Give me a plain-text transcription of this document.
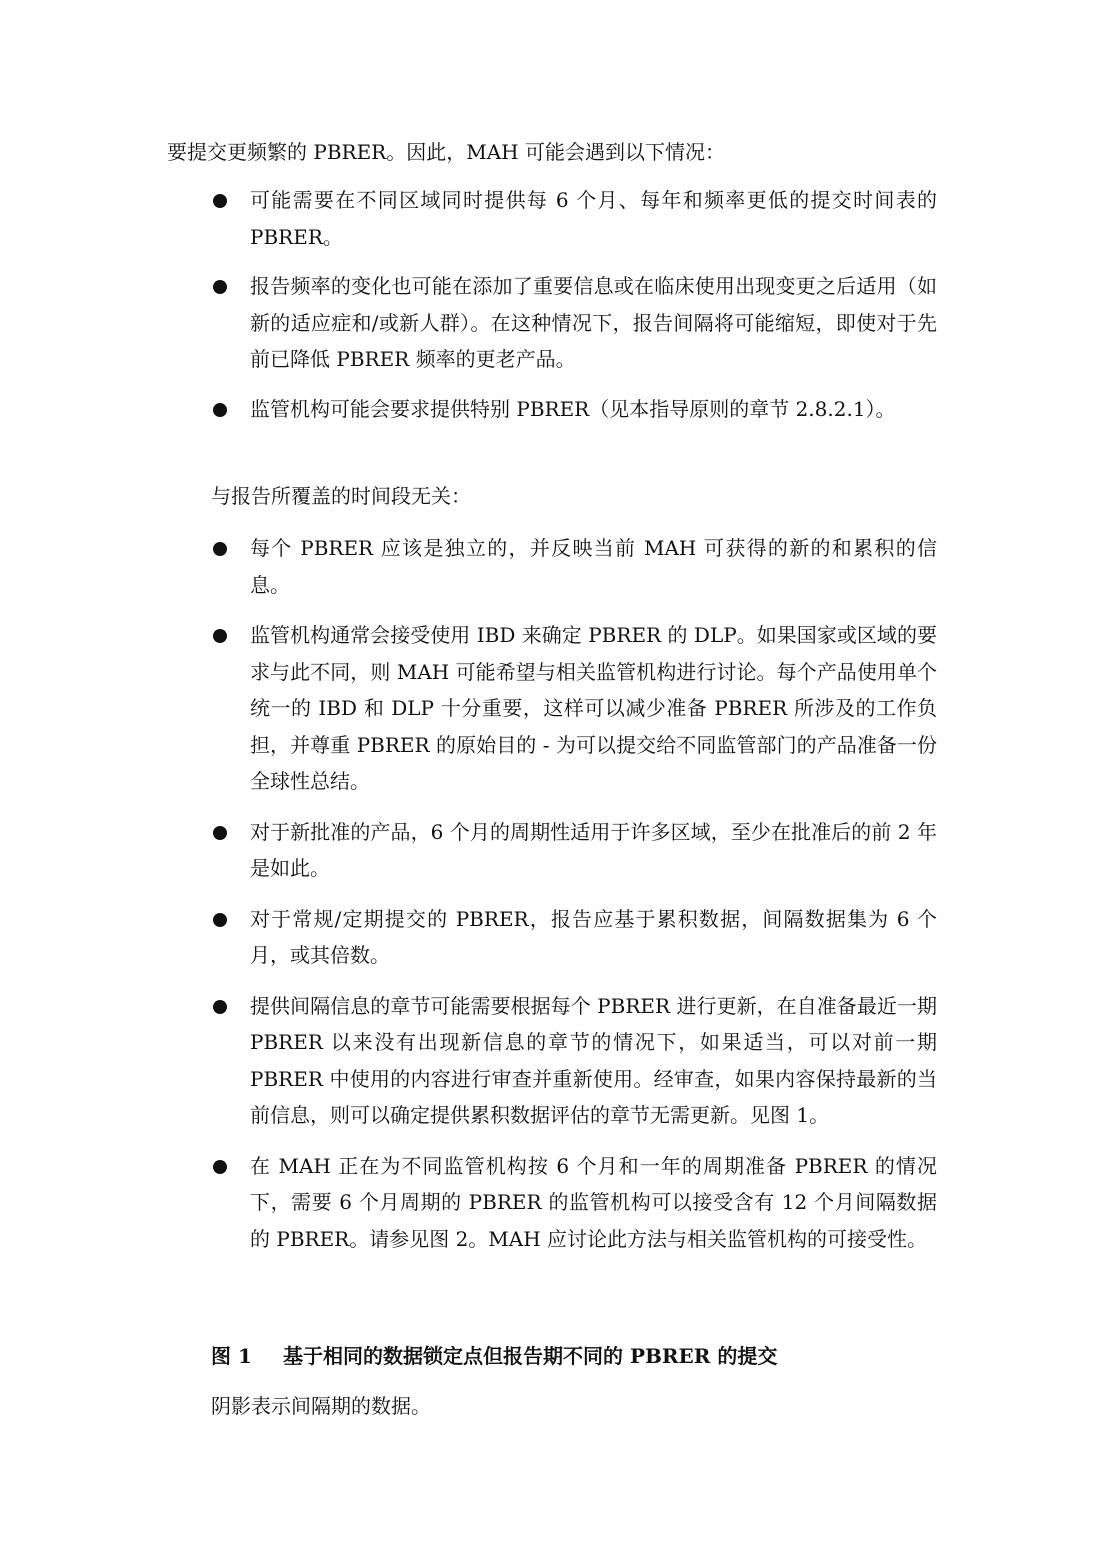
要提交更频繁的 PBRER。因此，MAH 可能会遇到以下情况：

可能需要在不同区域同时提供每 6 个月、每年和频率更低的提交时间表的 PBRER。
报告频率的变化也可能在添加了重要信息或在临床使用出现变更之后适用（如新的适应症和/或新人群）。在这种情况下，报告间隔将可能缩短，即使对于先前已降低 PBRER 频率的更老产品。
监管机构可能会要求提供特别 PBRER（见本指导原则的章节 2.8.2.1）。

与报告所覆盖的时间段无关：

每个 PBRER 应该是独立的，并反映当前 MAH 可获得的新的和累积的信息。
监管机构通常会接受使用 IBD 来确定 PBRER 的 DLP。如果国家或区域的要求与此不同，则 MAH 可能希望与相关监管机构进行讨论。每个产品使用单个统一的 IBD 和 DLP 十分重要，这样可以减少准备 PBRER 所涉及的工作负担，并尊重 PBRER 的原始目的 - 为可以提交给不同监管部门的产品准备一份全球性总结。
对于新批准的产品，6 个月的周期性适用于许多区域，至少在批准后的前 2 年是如此。
对于常规/定期提交的 PBRER，报告应基于累积数据，间隔数据集为 6 个月，或其倍数。
提供间隔信息的章节可能需要根据每个 PBRER 进行更新，在自准备最近一期 PBRER 以来没有出现新信息的章节的情况下，如果适当，可以对前一期 PBRER 中使用的内容进行审查并重新使用。经审查，如果内容保持最新的当前信息，则可以确定提供累积数据评估的章节无需更新。见图 1。
在 MAH 正在为不同监管机构按 6 个月和一年的周期准备 PBRER 的情况下，需要 6 个月周期的 PBRER 的监管机构可以接受含有 12 个月间隔数据的 PBRER。请参见图 2。MAH 应讨论此方法与相关监管机构的可接受性。

图 1 基于相同的数据锁定点但报告期不同的 PBRER 的提交

阴影表示间隔期的数据。
